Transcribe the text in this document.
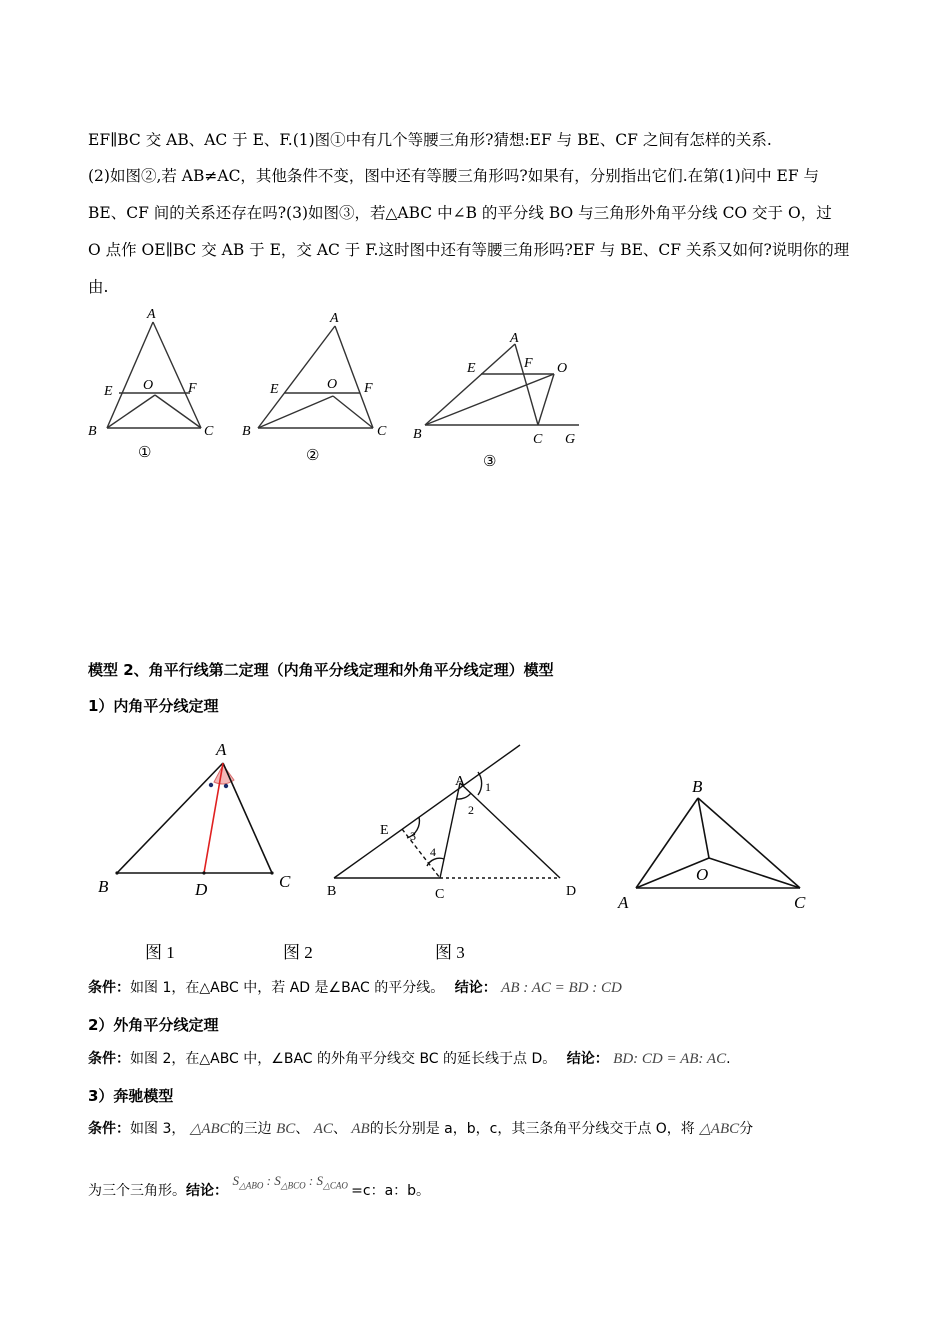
EF∥BC 交 AB、AC 于 E、F.(1)图①中有几个等腰三角形?猜想:EF 与 BE、CF 之间有怎样的关系.
(2)如图②,若 AB≠AC，其他条件不变，图中还有等腰三角形吗?如果有，分别指出它们.在第(1)问中 EF 与
BE、CF 间的关系还存在吗?(3)如图③，若△ABC 中∠B 的平分线 BO 与三角形外角平分线 CO 交于 O，过
O 点作 OE∥BC 交 AB 于 E，交 AC 于 F.这时图中还有等腰三角形吗?EF 与 BE、CF 关系又如何?说明你的理
由.
A
E O F
B	C
①
A
E	O F
B	C
②
A
E	F O
B	C G
③
模型 2、角平行线第二定理（内角平分线定理和外角平分线定理）模型
1）内角平分线定理
A
B	D	C
A 1
2
E 3
4
B	C	D
B
O
A	C
图 1	图 2	图 3
条件：如图 1，在△ABC 中，若 AD 是∠BAC 的平分线。 结论： AB : AC = BD : CD
2）外角平分线定理
条件：如图 2，在△ABC 中，∠BAC 的外角平分线交 BC 的延长线于点 D。 结论： BD: CD = AB: AC.
3）奔驰模型
条件：如图 3， △ABC的三边 BC、 AC、 AB的长分别是 a，b，c，其三条角平分线交于点 O，将 △ABC分
为三个三角形。结论： $S_{\triangle ABO}$ : $S_{\triangle BCO}$ : $S_{\triangle CAO} =c$：a：b。
